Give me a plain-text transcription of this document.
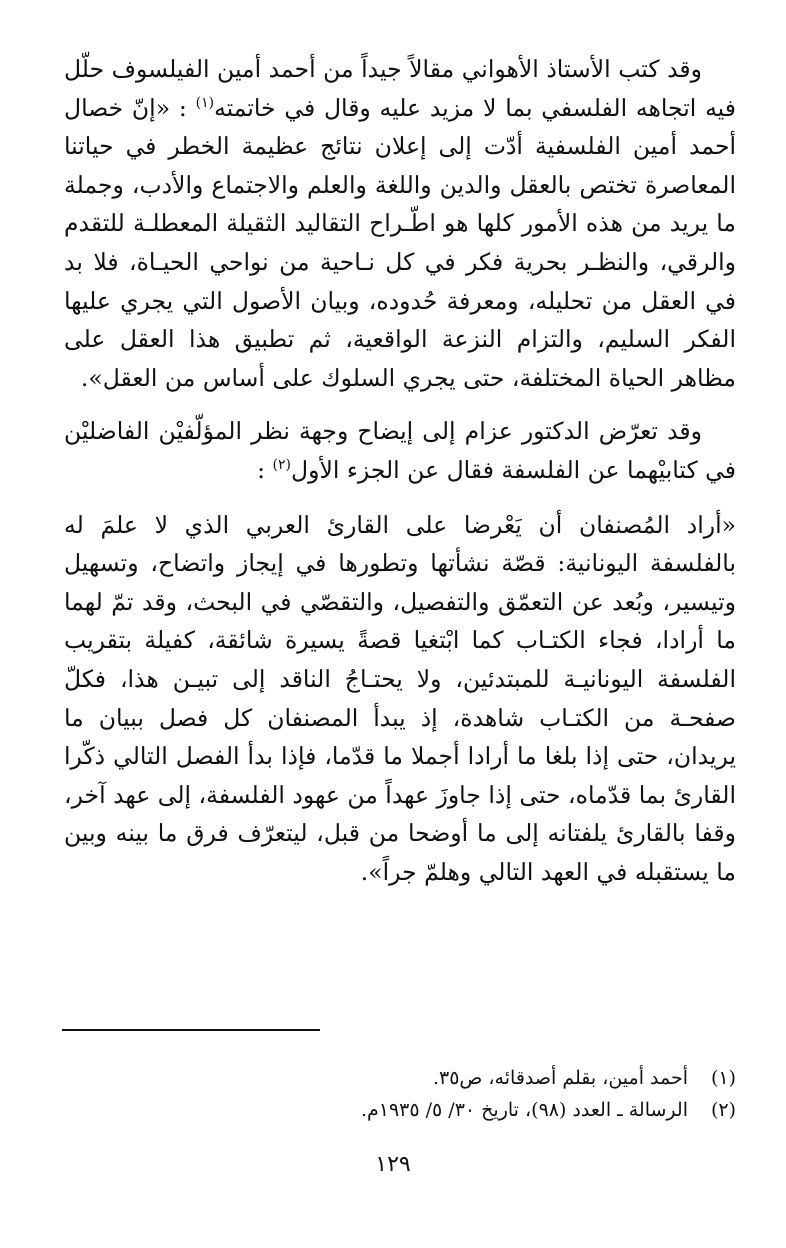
وقد كتب الأستاذ الأهواني مقالاً جيداً من أحمد أمين الفيلسوف حلّل فيه اتجاهه الفلسفي بما لا مزيد عليه وقال في خاتمته$^{(١)}$ : «إنّ خصال أحمد أمين الفلسفية أدّت إلى إعلان نتائج عظيمة الخطر في حياتنا المعاصرة تختص بالعقل والدين واللغة والعلم والاجتماع والأدب، وجملة ما يريد من هذه الأمور كلها هو اطّـراح التقاليد الثقيلة المعطلـة للتقدم والرقي، والنظـر بحرية فكر في كل نـاحية من نواحي الحيـاة، فلا بد في العقل من تحليله، ومعرفة حُدوده، وبيان الأصول التي يجري عليها الفكر السليم، والتزام النزعة الواقعية، ثم تطبيق هذا العقل على مظاهر الحياة المختلفة، حتى يجري السلوك على أساس من العقل».

وقد تعرّض الدكتور عزام إلى إيضاح وجهة نظر المؤلّفيْن الفاضليْن في كتابيْهما عن الفلسفة فقال عن الجزء الأول$^{(٢)}$ :

«أراد المُصنفان أن يَعْرضا على القارئ العربي الذي لا علمَ له بالفلسفة اليونانية: قصّة نشأتها وتطورها في إيجاز واتضاح، وتسهيل وتيسير، وبُعد عن التعمّق والتفصيل، والتقصّي في البحث، وقد تمّ لهما ما أرادا، فجاء الكتـاب كما ابْتغيا قصةً يسيرة شائقة، كفيلة بتقريب الفلسفة اليونانيـة للمبتدئين، ولا يحتـاجُ الناقد إلى تبيـن هذا، فكلّ صفحـة من الكتـاب شاهدة، إذ يبدأ المصنفان كل فصل ببيان ما يريدان، حتى إذا بلغا ما أرادا أجملا ما قدّما، فإذا بدأ الفصل التالي ذكّرا القارئ بما قدّماه، حتى إذا جاوزَ عهداً من عهود الفلسفة، إلى عهد آخر، وقفا بالقارئ يلفتانه إلى ما أوضحا من قبل، ليتعرّف فرق ما بينه وبين ما يستقبله في العهد التالي وهلمّ جراً».

(١)أحمد أمين، بقلم أصدقائه، ص٣٥.

(٢)الرسالة ـ العدد (٩٨)، تاريخ ٣٠/ ٥/ ١٩٣٥م.

١٢٩
